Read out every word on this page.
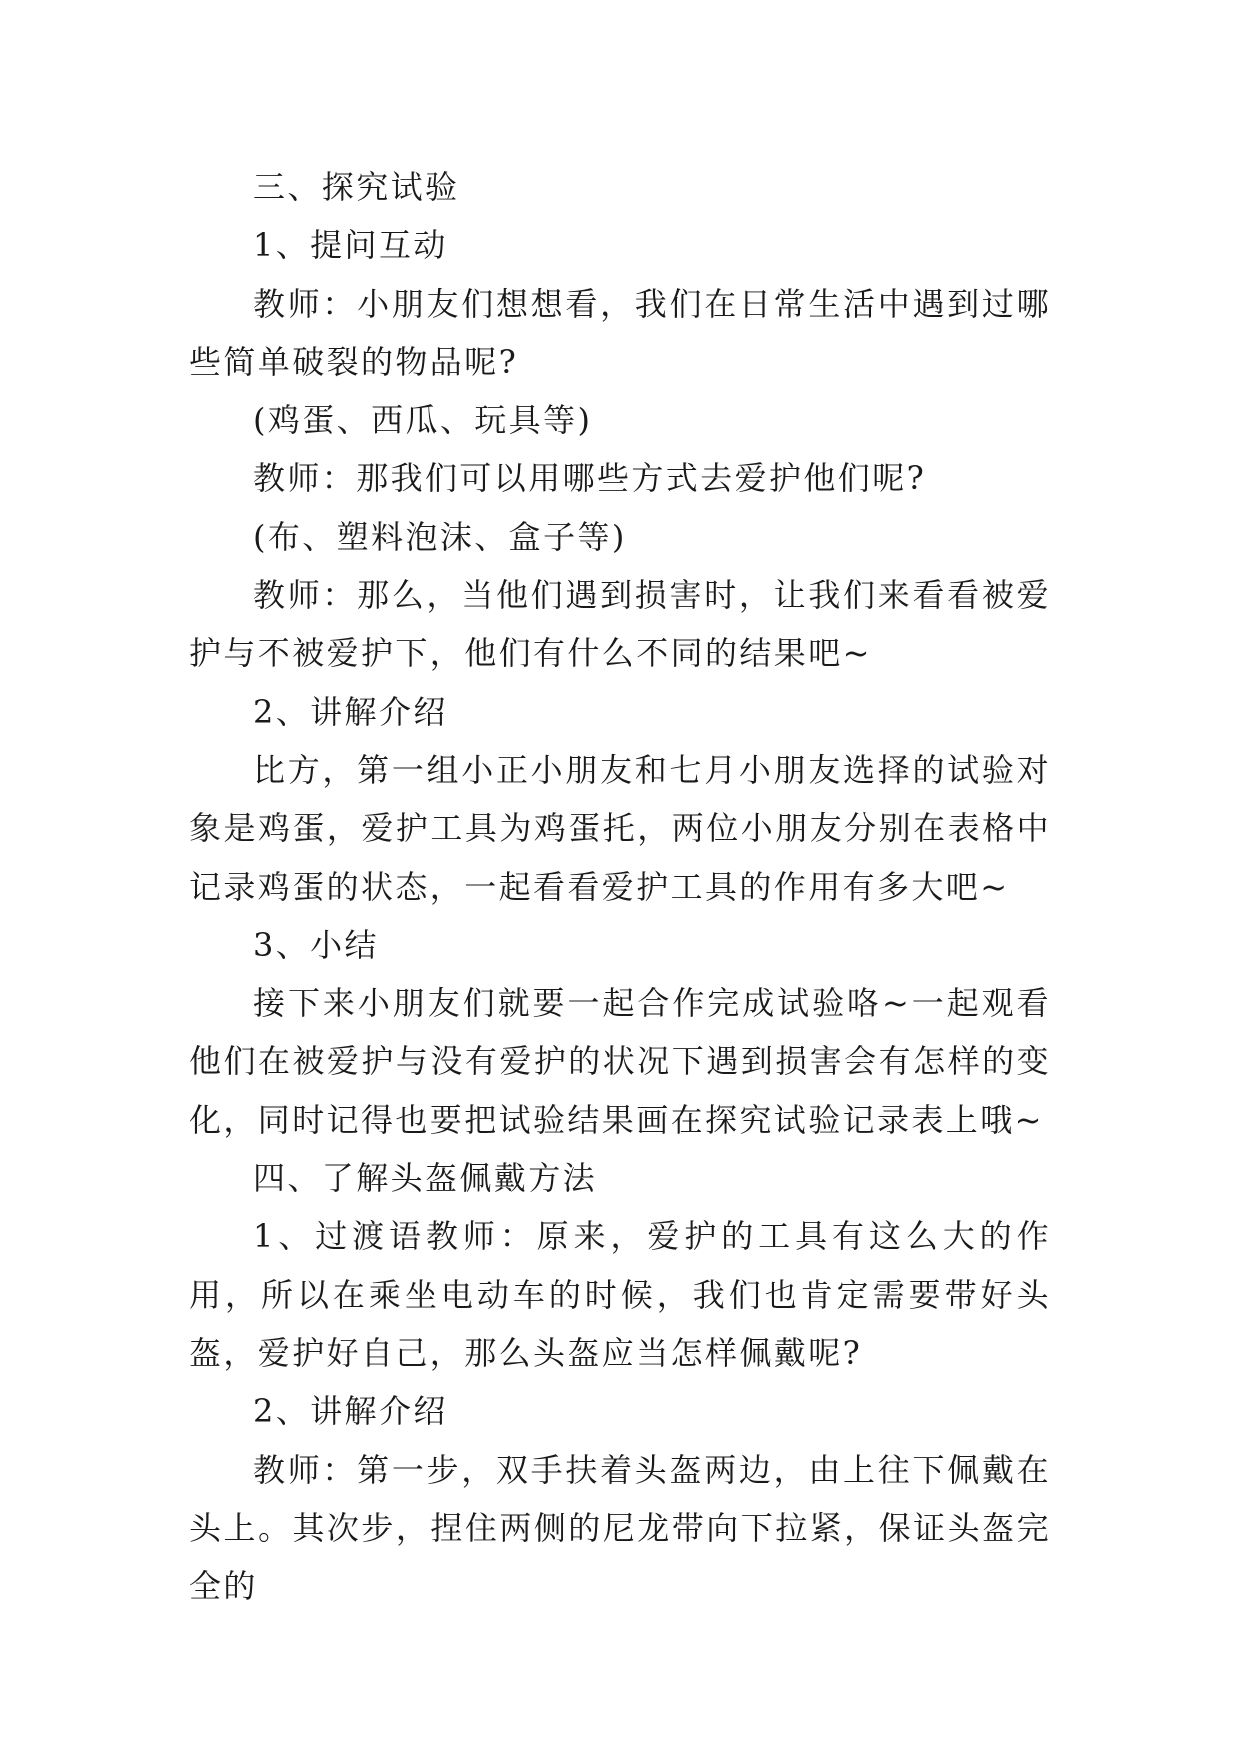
三、探究试验

1、提问互动

教师：小朋友们想想看，我们在日常生活中遇到过哪些简单破裂的物品呢?

(鸡蛋、西瓜、玩具等)

教师：那我们可以用哪些方式去爱护他们呢?

(布、塑料泡沫、盒子等)

教师：那么，当他们遇到损害时，让我们来看看被爱护与不被爱护下，他们有什么不同的结果吧~

2、讲解介绍

比方，第一组小正小朋友和七月小朋友选择的试验对象是鸡蛋，爱护工具为鸡蛋托，两位小朋友分别在表格中记录鸡蛋的状态，一起看看爱护工具的作用有多大吧~

3、小结

接下来小朋友们就要一起合作完成试验咯~一起观看他们在被爱护与没有爱护的状况下遇到损害会有怎样的变化，同时记得也要把试验结果画在探究试验记录表上哦~

四、了解头盔佩戴方法

1、过渡语教师：原来，爱护的工具有这么大的作用，所以在乘坐电动车的时候，我们也肯定需要带好头盔，爱护好自己，那么头盔应当怎样佩戴呢?

2、讲解介绍

教师：第一步，双手扶着头盔两边，由上往下佩戴在头上。其次步，捏住两侧的尼龙带向下拉紧，保证头盔完全的
